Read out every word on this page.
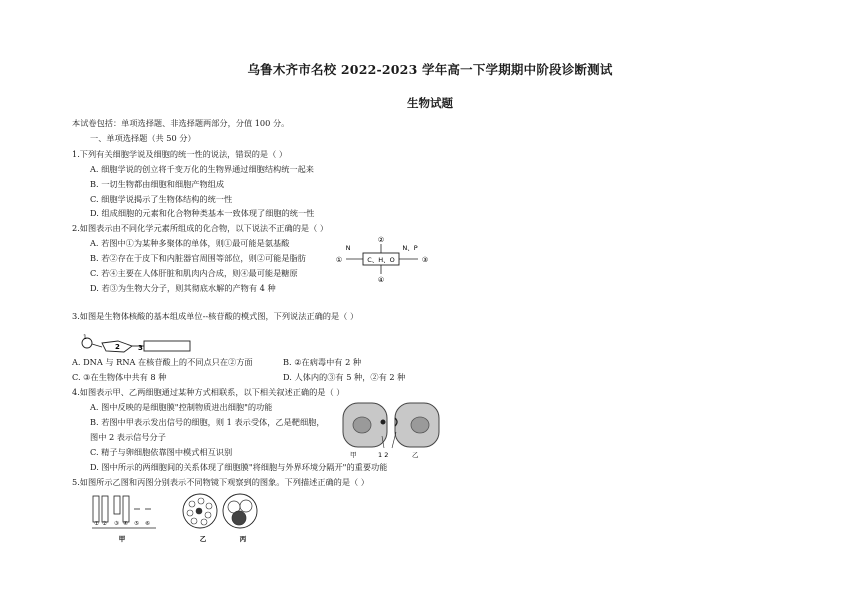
乌鲁木齐市名校 2022-2023 学年高一下学期期中阶段诊断测试
生物试题
本试卷包括：单项选择题、非选择题两部分，分值 100 分。
一、单项选择题（共 50 分）
1.下列有关细胞学说及细胞的统一性的说法，错误的是（ ）
A. 细胞学说的创立将千变万化的生物界通过细胞结构统一起来
B. 一切生物都由细胞和细胞产物组成
C. 细胞学说揭示了生物体结构的统一性
D. 组成细胞的元素和化合物种类基本一致体现了细胞的统一性
2.如图表示由不同化学元素所组成的化合物，以下说法不正确的是（ ）
A. 若图中①为某种多聚体的单体，则①最可能是氨基酸
B. 若②存在于皮下和内脏器官周围等部位，则②可能是脂肪
C. 若④主要在人体肝脏和肌肉内合成，则④最可能是糖原
D. 若③为生物大分子，则其彻底水解的产物有 4 种
C、H、O
N	N、P
①
②
③
④
3.如图是生物体核酸的基本组成单位--核苷酸的模式图，下列说法正确的是（ ）
1
2	3
A. DNA 与 RNA 在核苷酸上的不同点只在②方面	B. ②在病毒中有 2 种
C. ③在生物体中共有 8 种	D. 人体内的③有 5 种，②有 2 种
4.如图表示甲、乙两细胞通过某种方式相联系，以下相关叙述正确的是（ ）
A. 图中反映的是细胞膜"控制物质进出细胞"的功能
B. 若图中甲表示发出信号的细胞，则 1 表示受体，乙是靶细胞，
图中 2 表示信号分子
C. 精子与卵细胞依靠图中模式相互识别
D. 图中所示的两细胞间的关系体现了细胞膜"将细胞与外界环境分隔开"的重要功能
甲	1 2	乙
5.如图所示乙图和丙图分别表示不同物镜下观察到的图象。下列描述正确的是（ ）
① ② ③ ④ ⑤ ⑥
甲	乙	丙
